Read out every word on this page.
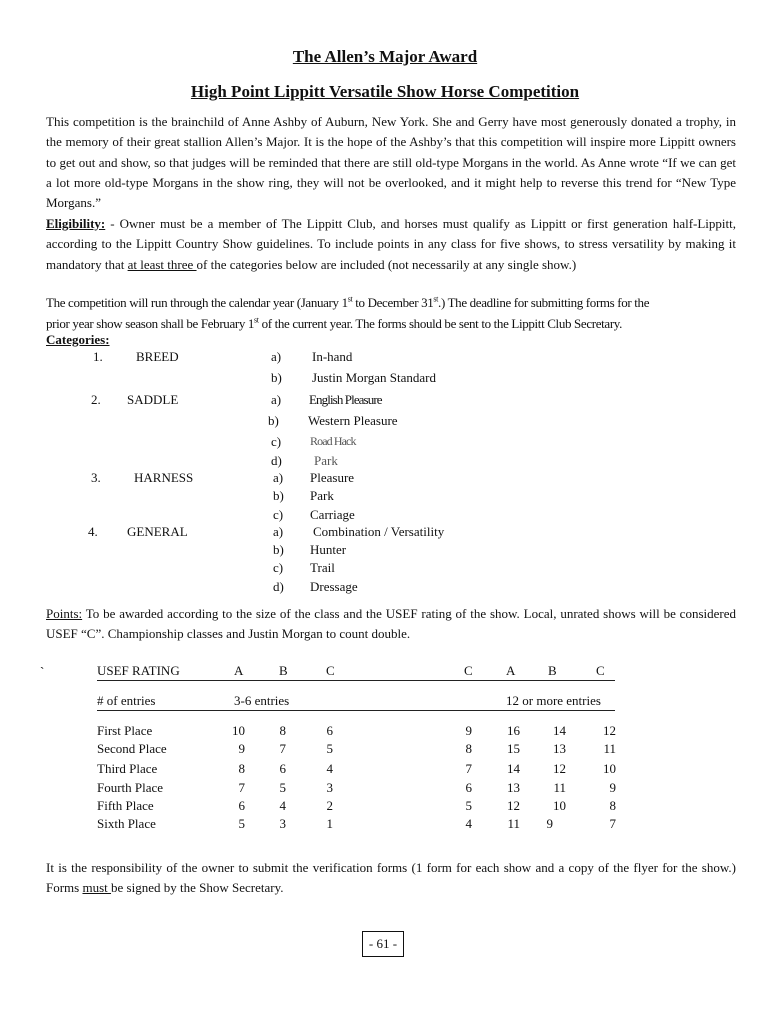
The Allen’s Major Award
High Point Lippitt Versatile Show Horse Competition
This competition is the brainchild of Anne Ashby of Auburn, New York. She and Gerry have most generously donated a trophy, in the memory of their great stallion Allen’s Major. It is the hope of the Ashby’s that this competition will inspire more Lippitt owners to get out and show, so that judges will be reminded that there are still old-type Morgans in the world. As Anne wrote “If we can get a lot more old-type Morgans in the show ring, they will not be overlooked, and it might help to reverse this trend for “New Type Morgans.”
Eligibility: - Owner must be a member of The Lippitt Club, and horses must qualify as Lippitt or first generation half-Lippitt, according to the Lippitt Country Show guidelines. To include points in any class for five shows, to stress versatility by making it mandatory that at least three of the categories below are included (not necessarily at any single show.)
The competition will run through the calendar year (January 1st to December 31st.) The deadline for submitting forms for the
prior year show season shall be February 1st of the current year. The forms should be sent to the Lippitt Club Secretary.
Categories:
1.	BREED	a) In-hand
b) Justin Morgan Standard
2. SADDLE	a) English Pleasure
b) Western Pleasure
c) Road Hack
d) Park
3.	HARNESS	a) Pleasure
b) Park
c) Carriage
4. GENERAL	a) Combination / Versatility
b) Hunter
c) Trail
d) Dressage
Points: To be awarded according to the size of the class and the USEF rating of the show. Local, unrated shows will be considered USEF “C”. Championship classes and Justin Morgan to count double.
`	USEF RATING	A	B	C	C	A	B	C
# of entries	3-6 entries	12 or more entries
First Place	10	8	6	9	16	14	12
Second Place	9	7	5	8	15	13	11
Third Place	8	6	4	7	14	12	10
Fourth Place	7	5	3	6	13	11	9
Fifth Place	6	4	2	5	12	10	8
Sixth Place	5	3	1	4	11	9	7
It is the responsibility of the owner to submit the verification forms (1 form for each show and a copy of the flyer for the show.) Forms must be signed by the Show Secretary.
- 61 -
